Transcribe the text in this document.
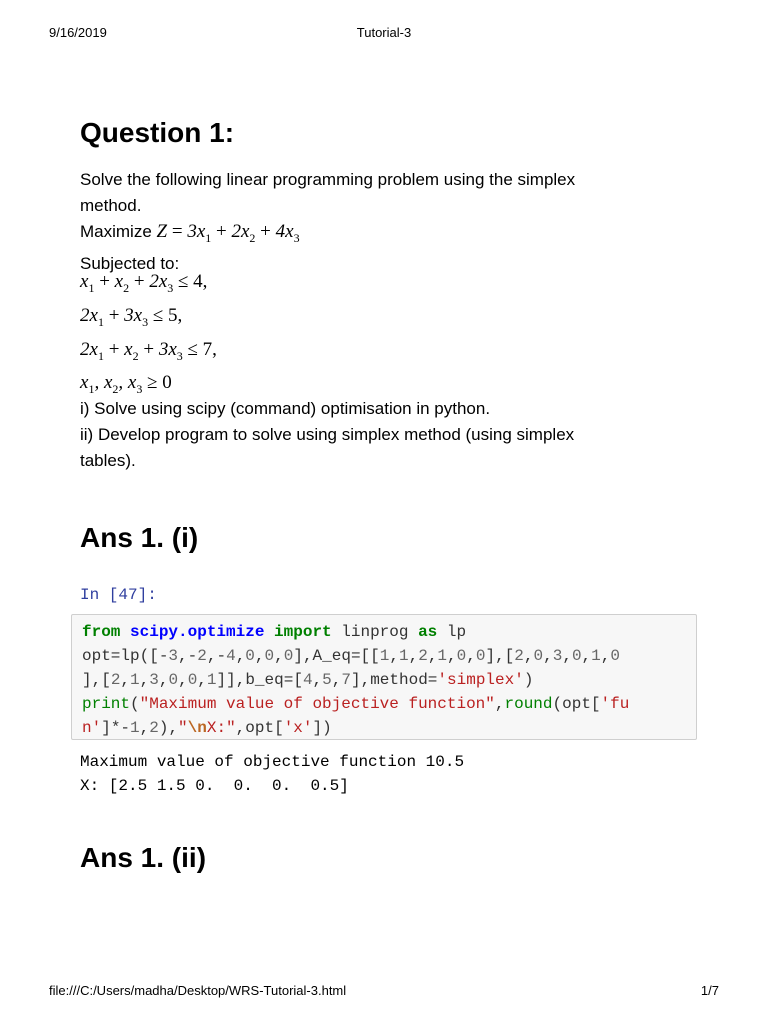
9/16/2019	Tutorial-3
Question 1:
Solve the following linear programming problem using the simplex
method.
Maximize $Z = 3x_1 + 2x_2 + 4x_3$
Subjected to:
$x_1 + x_2 + 2x_3 \le 4$,
$2x_1 + 3x_3 \le 5$,
$2x_1 + x_2 + 3x_3 \le 7$,
$x_1$, $x_2$, $x_3 \ge 0$
i) Solve using scipy (command) optimisation in python.
ii) Develop program to solve using simplex method (using simplex
tables).
Ans 1. (i)
In [47]:
from scipy.optimize import linprog as lp
opt=lp([-3,-2,-4,0,0,0],A_eq=[[1,1,2,1,0,0],[2,0,3,0,1,0
],[2,1,3,0,0,1]],b_eq=[4,5,7],method='simplex')
print("Maximum value of objective function",round(opt['fu
n']*-1,2),"\nX:",opt['x'])
Maximum value of objective function 10.5
X: [2.5 1.5 0.  0.  0.  0.5]
Ans 1. (ii)
file:///C:/Users/madha/Desktop/WRS-Tutorial-3.html	1/7
